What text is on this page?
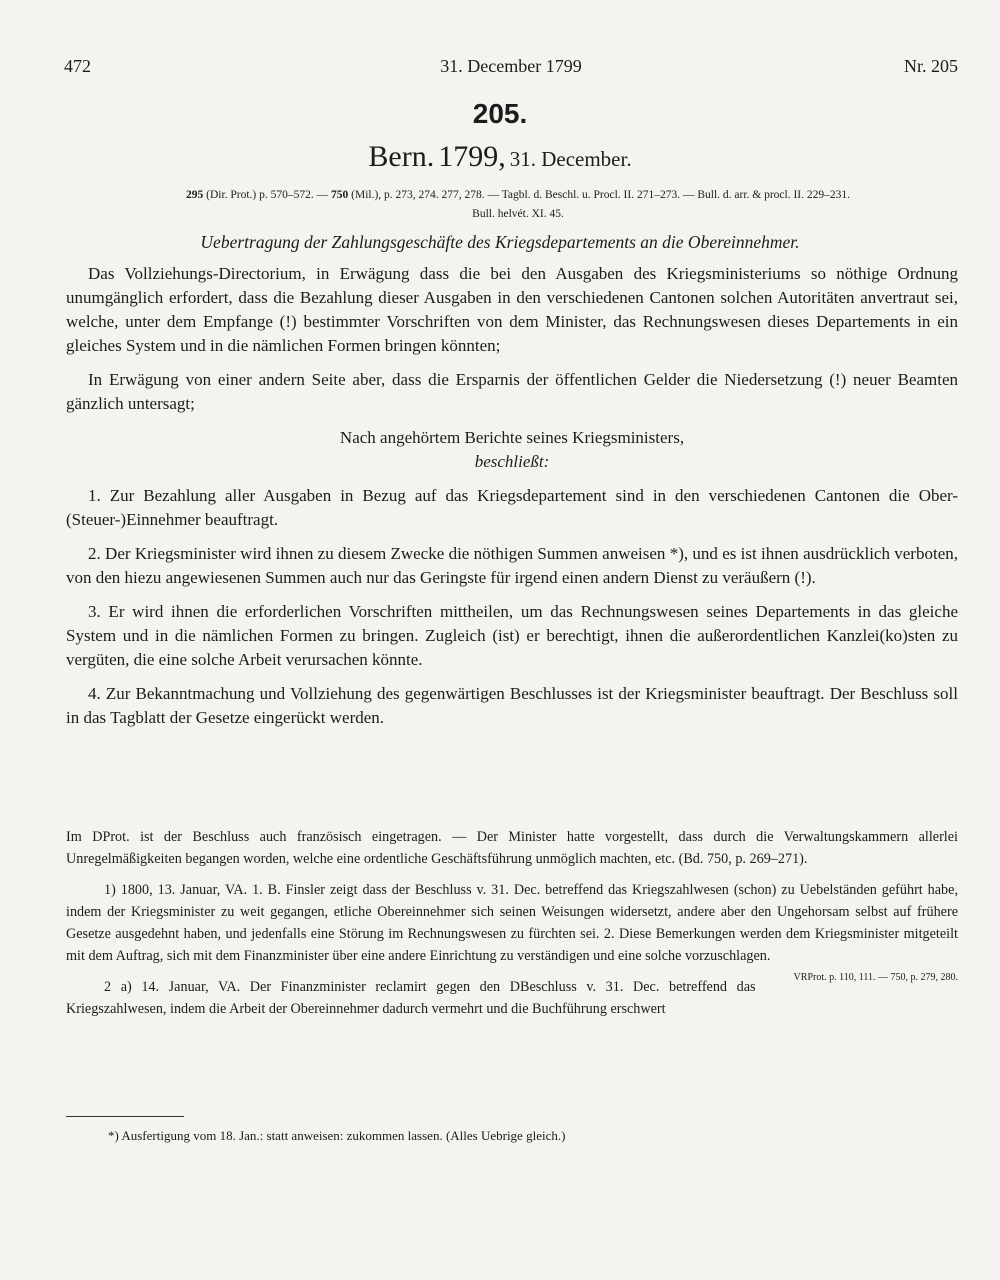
472	31. December 1799	Nr. 205
205.
Bern. 1799, 31. December.
295 (Dir. Prot.) p. 570–572. — 750 (Mil.), p. 273, 274. 277, 278. — Tagbl. d. Beschl. u. Procl. II. 271–273. — Bull. d. arr. & procl. II. 229–231.
Bull. helvét. XI. 45.
Uebertragung der Zahlungsgeschäfte des Kriegsdepartements an die Obereinnehmer.

Das Vollziehungs-Directorium, in Erwägung dass die bei den Ausgaben des Kriegsministeriums so nöthige Ordnung unumgänglich erfordert, dass die Bezahlung dieser Ausgaben in den verschiedenen Cantonen solchen Autoritäten anvertraut sei, welche, unter dem Empfange (!) bestimmter Vorschriften von dem Minister, das Rechnungswesen dieses Departements in ein gleiches System und in die nämlichen Formen bringen könnten;

In Erwägung von einer andern Seite aber, dass die Ersparnis der öffentlichen Gelder die Niedersetzung (!) neuer Beamten gänzlich untersagt;

Nach angehörtem Berichte seines Kriegsministers,

beschließt:

1. Zur Bezahlung aller Ausgaben in Bezug auf das Kriegsdepartement sind in den verschiedenen Cantonen die Ober-(Steuer-)Einnehmer beauftragt.

2. Der Kriegsminister wird ihnen zu diesem Zwecke die nöthigen Summen anweisen *), und es ist ihnen ausdrücklich verboten, von den hiezu angewiesenen Summen auch nur das Geringste für irgend einen andern Dienst zu veräußern (!).

3. Er wird ihnen die erforderlichen Vorschriften mittheilen, um das Rechnungswesen seines Departements in das gleiche System und in die nämlichen Formen zu bringen. Zugleich (ist) er berechtigt, ihnen die außerordentlichen Kanzlei(ko)sten zu vergüten, die eine solche Arbeit verursachen könnte.

4. Zur Bekanntmachung und Vollziehung des gegenwärtigen Beschlusses ist der Kriegsminister beauftragt. Der Beschluss soll in das Tagblatt der Gesetze eingerückt werden.

Im DProt. ist der Beschluss auch französisch eingetragen. — Der Minister hatte vorgestellt, dass durch die Verwaltungskammern allerlei Unregelmäßigkeiten begangen worden, welche eine ordentliche Geschäftsführung unmöglich machten, etc. (Bd. 750, p. 269–271).

1) 1800, 13. Januar, VA. 1. B. Finsler zeigt dass der Beschluss v. 31. Dec. betreffend das Kriegszahlwesen (schon) zu Uebelständen geführt habe, indem der Kriegsminister zu weit gegangen, etliche Obereinnehmer sich seinen Weisungen widersetzt, andere aber den Ungehorsam selbst auf frühere Gesetze ausgedehnt haben, und jedenfalls eine Störung im Rechnungswesen zu fürchten sei. 2. Diese Bemerkungen werden dem Kriegsminister mitgeteilt mit dem Auftrag, sich mit dem Finanzminister über eine andere Einrichtung zu verständigen und eine solche vorzuschlagen.
VRProt. p. 110, 111. — 750, p. 279, 280.

2 a) 14. Januar, VA. Der Finanzminister reclamirt gegen den DBeschluss v. 31. Dec. betreffend das Kriegszahlwesen, indem die Arbeit der Obereinnehmer dadurch vermehrt und die Buchführung erschwert

*) Ausfertigung vom 18. Jan.: statt anweisen: zukommen lassen. (Alles Uebrige gleich.)
